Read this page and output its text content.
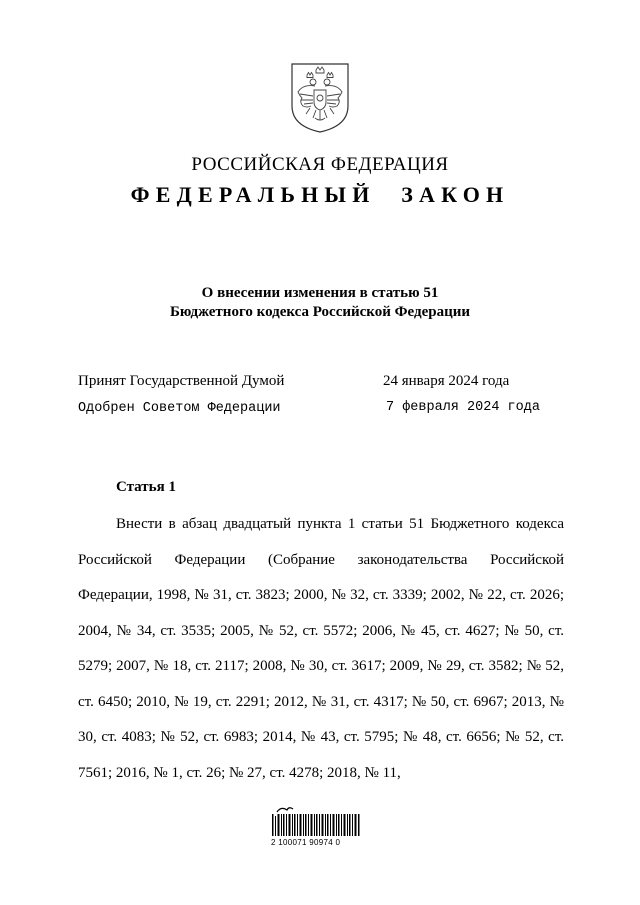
РОССИЙСКАЯ ФЕДЕРАЦИЯ
ФЕДЕРАЛЬНЫЙ ЗАКОН
О внесении изменения в статью 51
Бюджетного кодекса Российской Федерации
Принят Государственной Думой	24 января 2024 года
Одобрен Советом Федерации	7 февраля 2024 года
Статья 1

Внести в абзац двадцатый пункта 1 статьи 51 Бюджетного кодекса Российской Федерации (Собрание законодательства Российской Федерации, 1998, № 31, ст. 3823; 2000, № 32, ст. 3339; 2002, № 22, ст. 2026; 2004, № 34, ст. 3535; 2005, № 52, ст. 5572; 2006, № 45, ст. 4627; № 50, ст. 5279; 2007, № 18, ст. 2117; 2008, № 30, ст. 3617; 2009, № 29, ст. 3582; № 52, ст. 6450; 2010, № 19, ст. 2291; 2012, № 31, ст. 4317; № 50, ст. 6967; 2013, № 30, ст. 4083; № 52, ст. 6983; 2014, № 43, ст. 5795; № 48, ст. 6656; № 52, ст. 7561; 2016, № 1, ст. 26; № 27, ст. 4278; 2018, № 11,

2 100071 90974 0
